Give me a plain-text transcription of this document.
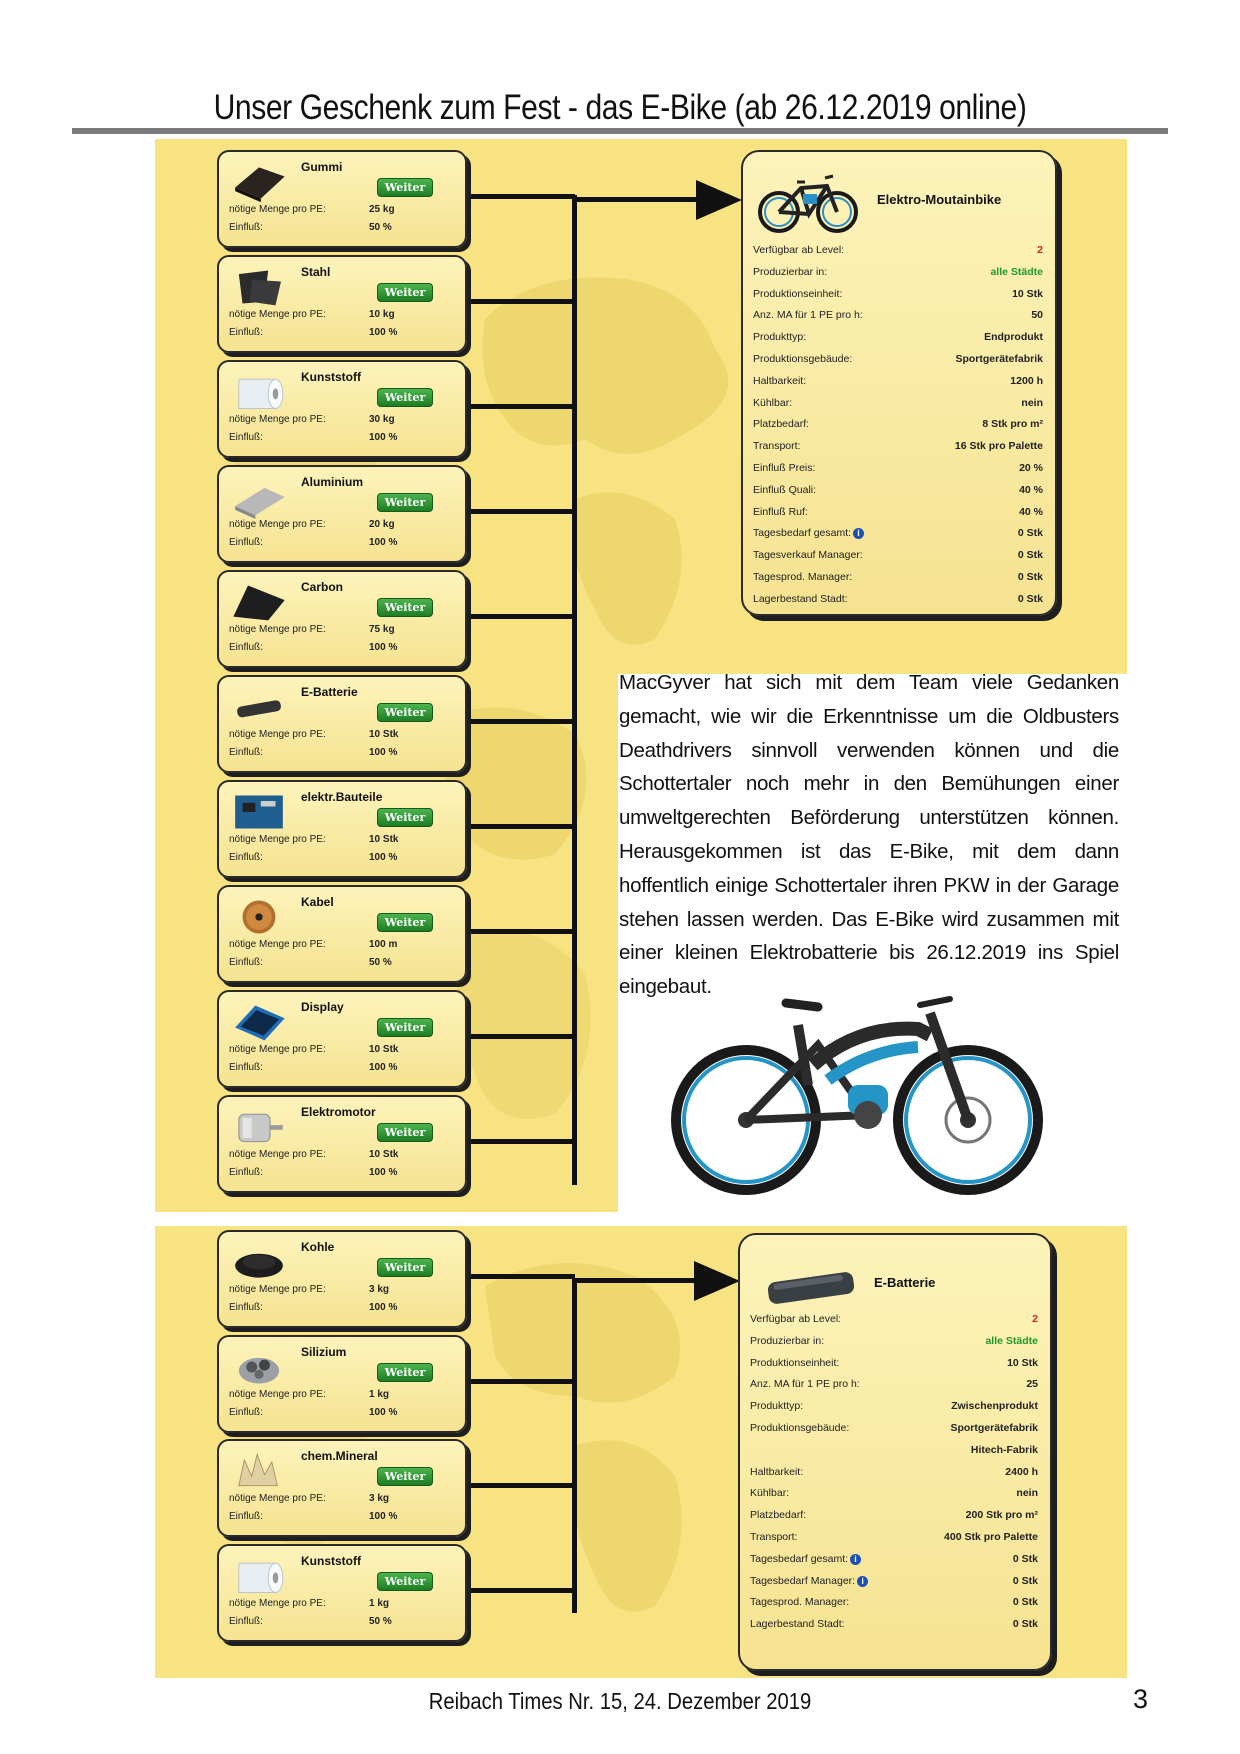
Unser Geschenk zum Fest - das E-Bike (ab 26.12.2019 online)
Gummi
Weiter
nötige Menge pro PE:	25 kg
Einfluß:	50 %
Stahl
Weiter
nötige Menge pro PE:	10 kg
Einfluß:	100 %
Kunststoff
Weiter
nötige Menge pro PE:	30 kg
Einfluß:	100 %
Aluminium
Weiter
nötige Menge pro PE:	20 kg
Einfluß:	100 %
Carbon
Weiter
nötige Menge pro PE:	75 kg
Einfluß:	100 %
E-Batterie
Weiter
nötige Menge pro PE:	10 Stk
Einfluß:	100 %
elektr.Bauteile
Weiter
nötige Menge pro PE:	10 Stk
Einfluß:	100 %
Kabel
Weiter
nötige Menge pro PE:	100 m
Einfluß:	50 %
Display
Weiter
nötige Menge pro PE:	10 Stk
Einfluß:	100 %
Elektromotor
Weiter
nötige Menge pro PE:	10 Stk
Einfluß:	100 %
Kohle
Weiter
nötige Menge pro PE:	3 kg
Einfluß:	100 %
Silizium
Weiter
nötige Menge pro PE:	1 kg
Einfluß:	100 %
chem.Mineral
Weiter
nötige Menge pro PE:	3 kg
Einfluß:	100 %
Kunststoff
Weiter
nötige Menge pro PE:	1 kg
Einfluß:	50 %
Elektro-Moutainbike
Verfügbar ab Level:	2
Produzierbar in:	alle Städte
Produktionseinheit:	10 Stk
Anz. MA für 1 PE pro h:	50
Produkttyp:	Endprodukt
Produktionsgebäude:	Sportgerätefabrik
Haltbarkeit:	1200 h
Kühlbar:	nein
Platzbedarf:	8 Stk pro m²
Transport:	16 Stk pro Palette
Einfluß Preis:	20 %
Einfluß Quali:	40 %
Einfluß Ruf:	40 %
Tagesbedarf gesamt: i	0 Stk
Tagesverkauf Manager:	0 Stk
Tagesprod. Manager:	0 Stk
Lagerbestand Stadt:	0 Stk
E-Batterie
Verfügbar ab Level:	2
Produzierbar in:	alle Städte
Produktionseinheit:	10 Stk
Anz. MA für 1 PE pro h:	25
Produkttyp:	Zwischenprodukt
Produktionsgebäude:	Sportgerätefabrik
Hitech-Fabrik
Haltbarkeit:	2400 h
Kühlbar:	nein
Platzbedarf:	200 Stk pro m²
Transport:	400 Stk pro Palette
Tagesbedarf gesamt: i	0 Stk
Tagesbedarf Manager: i	0 Stk
Tagesprod. Manager:	0 Stk
Lagerbestand Stadt:	0 Stk
MacGyver hat sich mit dem Team viele Gedanken gemacht, wie wir die Erkenntnisse um die Oldbusters Deathdrivers sinnvoll verwenden können und die Schottertaler noch mehr in den Bemühungen einer umweltgerechten Beförderung unterstützen können. Herausgekommen ist das E-Bike, mit dem dann hoffentlich einige Schottertaler ihren PKW in der Garage stehen lassen werden. Das E-Bike wird zusammen mit einer kleinen Elektrobatterie bis 26.12.2019 ins Spiel eingebaut.
Reibach Times Nr. 15, 24. Dezember 2019	3
